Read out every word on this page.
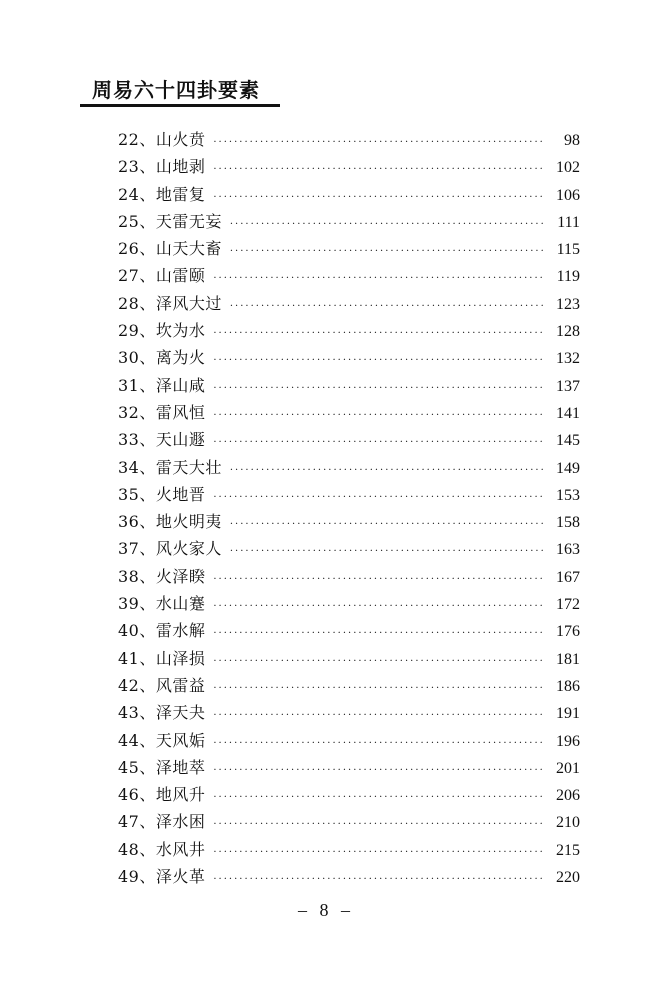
周易六十四卦要素
22、山火贲 ·····	98
23、山地剥 ·····	102
24、地雷复 ·····	106
25、天雷无妄 ·····	111
26、山天大畜 ·····	115
27、山雷颐 ·····	119
28、泽风大过 ·····	123
29、坎为水 ·····	128
30、离为火 ·····	132
31、泽山咸 ·····	137
32、雷风恒 ·····	141
33、天山遯 ·····	145
34、雷天大壮 ·····	149
35、火地晋 ·····	153
36、地火明夷 ·····	158
37、风火家人 ·····	163
38、火泽睽 ·····	167
39、水山蹇 ·····	172
40、雷水解 ·····	176
41、山泽损 ·····	181
42、风雷益 ·····	186
43、泽天夬 ·····	191
44、天风姤 ·····	196
45、泽地萃 ·····	201
46、地风升 ·····	206
47、泽水困 ·····	210
48、水风井 ·····	215
49、泽火革 ·····	220
– 8 –
